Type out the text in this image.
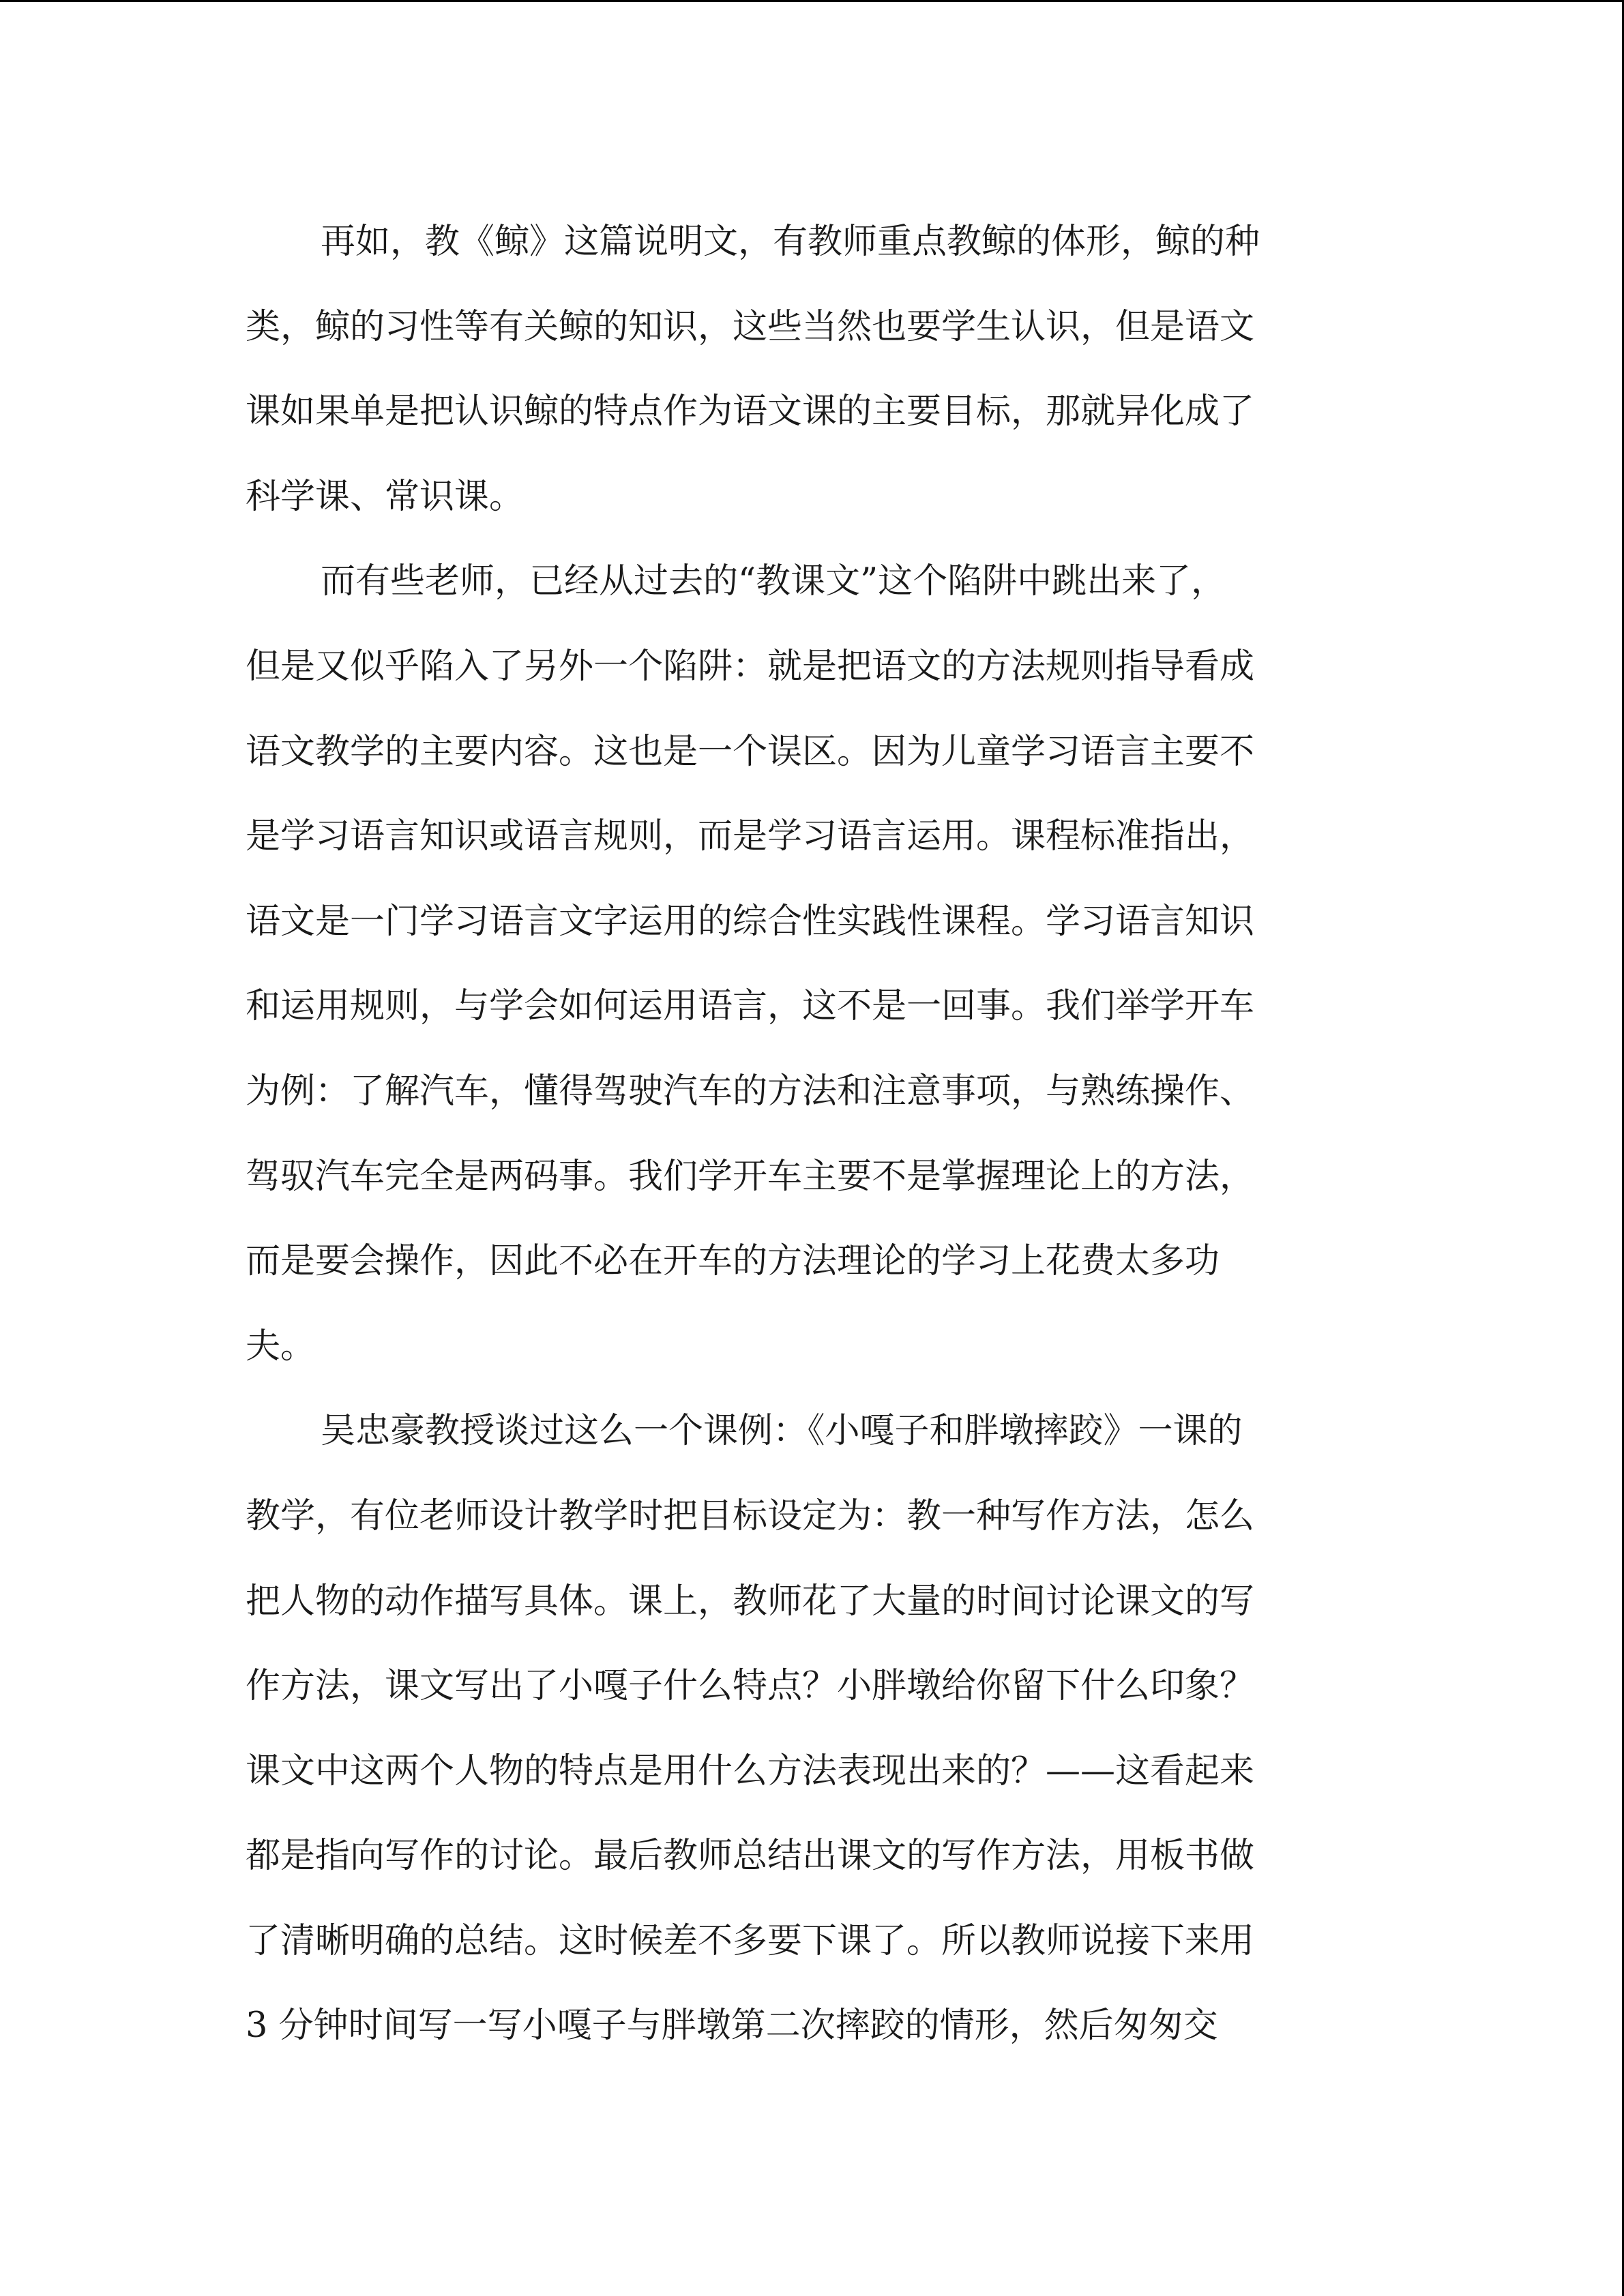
再如，教《鲸》这篇说明文，有教师重点教鲸的体形，鲸的种
类，鲸的习性等有关鲸的知识，这些当然也要学生认识，但是语文
课如果单是把认识鲸的特点作为语文课的主要目标，那就异化成了
科学课、常识课。
而有些老师，已经从过去的“教课文”这个陷阱中跳出来了，
但是又似乎陷入了另外一个陷阱：就是把语文的方法规则指导看成
语文教学的主要内容。这也是一个误区。因为儿童学习语言主要不
是学习语言知识或语言规则，而是学习语言运用。课程标准指出，
语文是一门学习语言文字运用的综合性实践性课程。学习语言知识
和运用规则，与学会如何运用语言，这不是一回事。我们举学开车
为例：了解汽车，懂得驾驶汽车的方法和注意事项，与熟练操作、
驾驭汽车完全是两码事。我们学开车主要不是掌握理论上的方法，
而是要会操作，因此不必在开车的方法理论的学习上花费太多功
夫。
吴忠豪教授谈过这么一个课例：《小嘎子和胖墩摔跤》一课的
教学，有位老师设计教学时把目标设定为：教一种写作方法，怎么
把人物的动作描写具体。课上，教师花了大量的时间讨论课文的写
作方法，课文写出了小嘎子什么特点？小胖墩给你留下什么印象？
课文中这两个人物的特点是用什么方法表现出来的？——这看起来
都是指向写作的讨论。最后教师总结出课文的写作方法，用板书做
了清晰明确的总结。这时候差不多要下课了。所以教师说接下来用
3 分钟时间写一写小嘎子与胖墩第二次摔跤的情形，然后匆匆交
